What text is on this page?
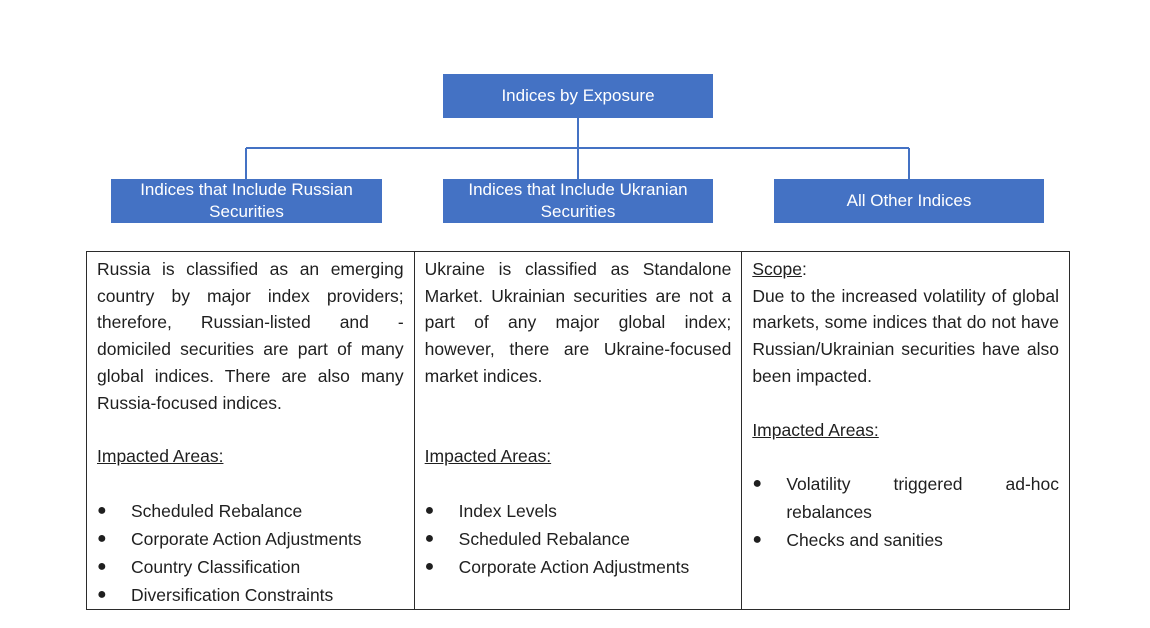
Indices by Exposure
Indices that Include Russian Securities
Indices that Include Ukranian Securities
All Other Indices

Russia is classified as an emerging country by major index providers; therefore, Russian-listed and -domiciled securities are part of many global indices. There are also many Russia-focused indices.

Impacted Areas:

● Scheduled Rebalance
● Corporate Action Adjustments
● Country Classification
● Diversification Constraints

Ukraine is classified as Standalone Market. Ukrainian securities are not a part of any major global index; however, there are Ukraine-focused market indices.

Impacted Areas:

● Index Levels
● Scheduled Rebalance
● Corporate Action Adjustments

Scope:

Due to the increased volatility of global markets, some indices that do not have Russian/Ukrainian securities have also been impacted.

Impacted Areas:

● Volatility triggered ad-hoc rebalances
● Checks and sanities
